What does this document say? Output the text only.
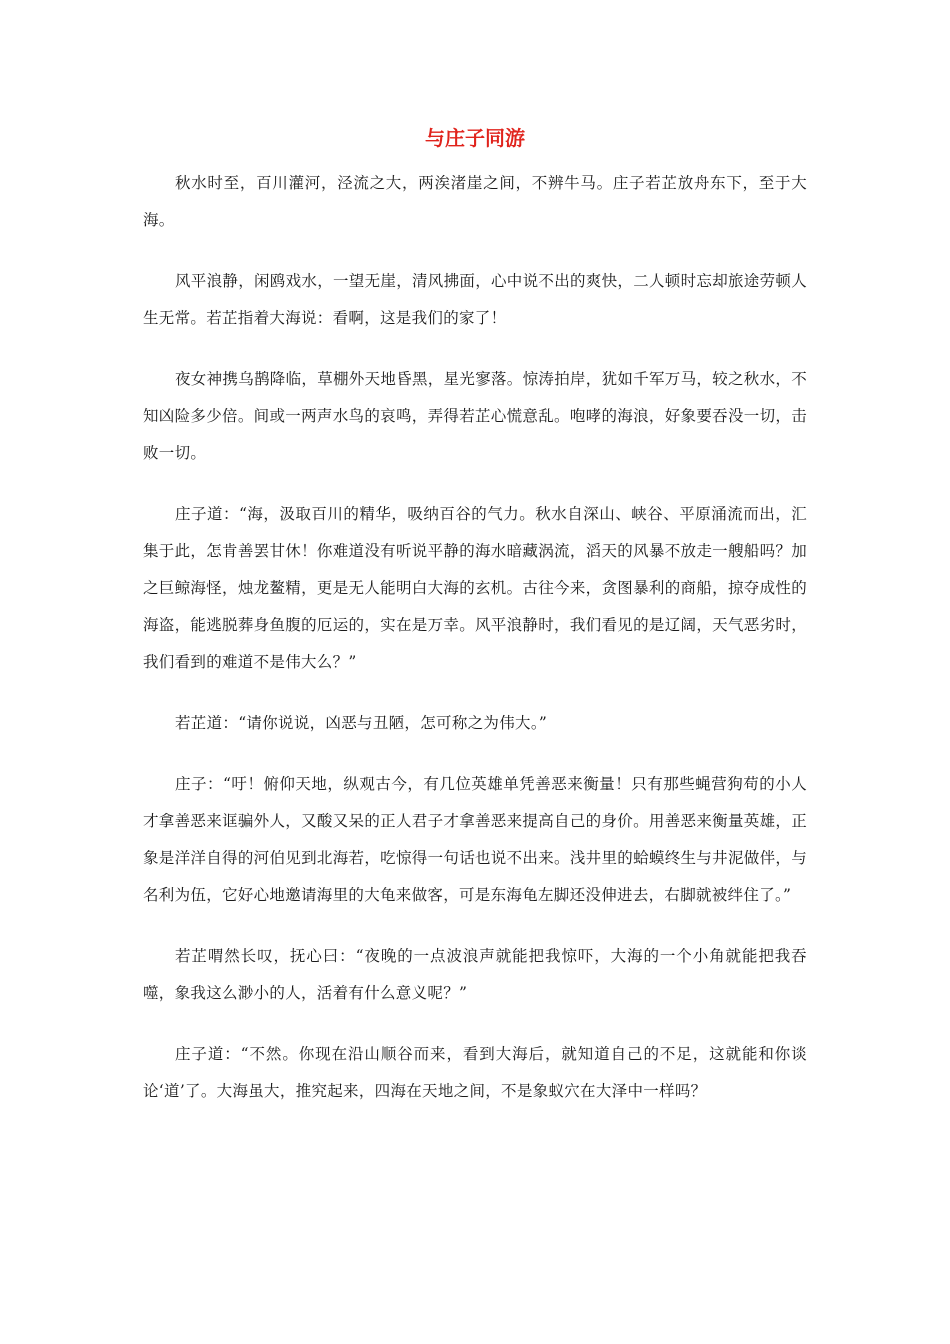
与庄子同游

秋水时至，百川灌河，泾流之大，两涘渚崖之间，不辨牛马。庄子若芷放舟东下，至于大海。

风平浪静，闲鸥戏水，一望无崖，清风拂面，心中说不出的爽快，二人顿时忘却旅途劳顿人生无常。若芷指着大海说：看啊，这是我们的家了！

夜女神携乌鹊降临，草棚外天地昏黑，星光寥落。惊涛拍岸，犹如千军万马，较之秋水，不知凶险多少倍。间或一两声水鸟的哀鸣，弄得若芷心慌意乱。咆哮的海浪，好象要吞没一切，击败一切。

庄子道：“海，汲取百川的精华，吸纳百谷的气力。秋水自深山、峡谷、平原涌流而出，汇集于此，怎肯善罢甘休！你难道没有听说平静的海水暗藏涡流，滔天的风暴不放走一艘船吗？加之巨鲸海怪，烛龙鳌精，更是无人能明白大海的玄机。古往今来，贪图暴利的商船，掠夺成性的海盗，能逃脱葬身鱼腹的厄运的，实在是万幸。风平浪静时，我们看见的是辽阔，天气恶劣时，我们看到的难道不是伟大么？”

若芷道：“请你说说，凶恶与丑陋，怎可称之为伟大。”

庄子：“吁！俯仰天地，纵观古今，有几位英雄单凭善恶来衡量！只有那些蝇营狗苟的小人才拿善恶来诓骗外人，又酸又呆的正人君子才拿善恶来提高自己的身价。用善恶来衡量英雄，正象是洋洋自得的河伯见到北海若，吃惊得一句话也说不出来。浅井里的蛤蟆终生与井泥做伴，与名利为伍，它好心地邀请海里的大龟来做客，可是东海龟左脚还没伸进去，右脚就被绊住了。”

若芷喟然长叹，抚心曰：“夜晚的一点波浪声就能把我惊吓，大海的一个小角就能把我吞噬，象我这么渺小的人，活着有什么意义呢？”

庄子道：“不然。你现在沿山顺谷而来，看到大海后，就知道自己的不足，这就能和你谈论‘道’了。大海虽大，推究起来，四海在天地之间，不是象蚁穴在大泽中一样吗？
